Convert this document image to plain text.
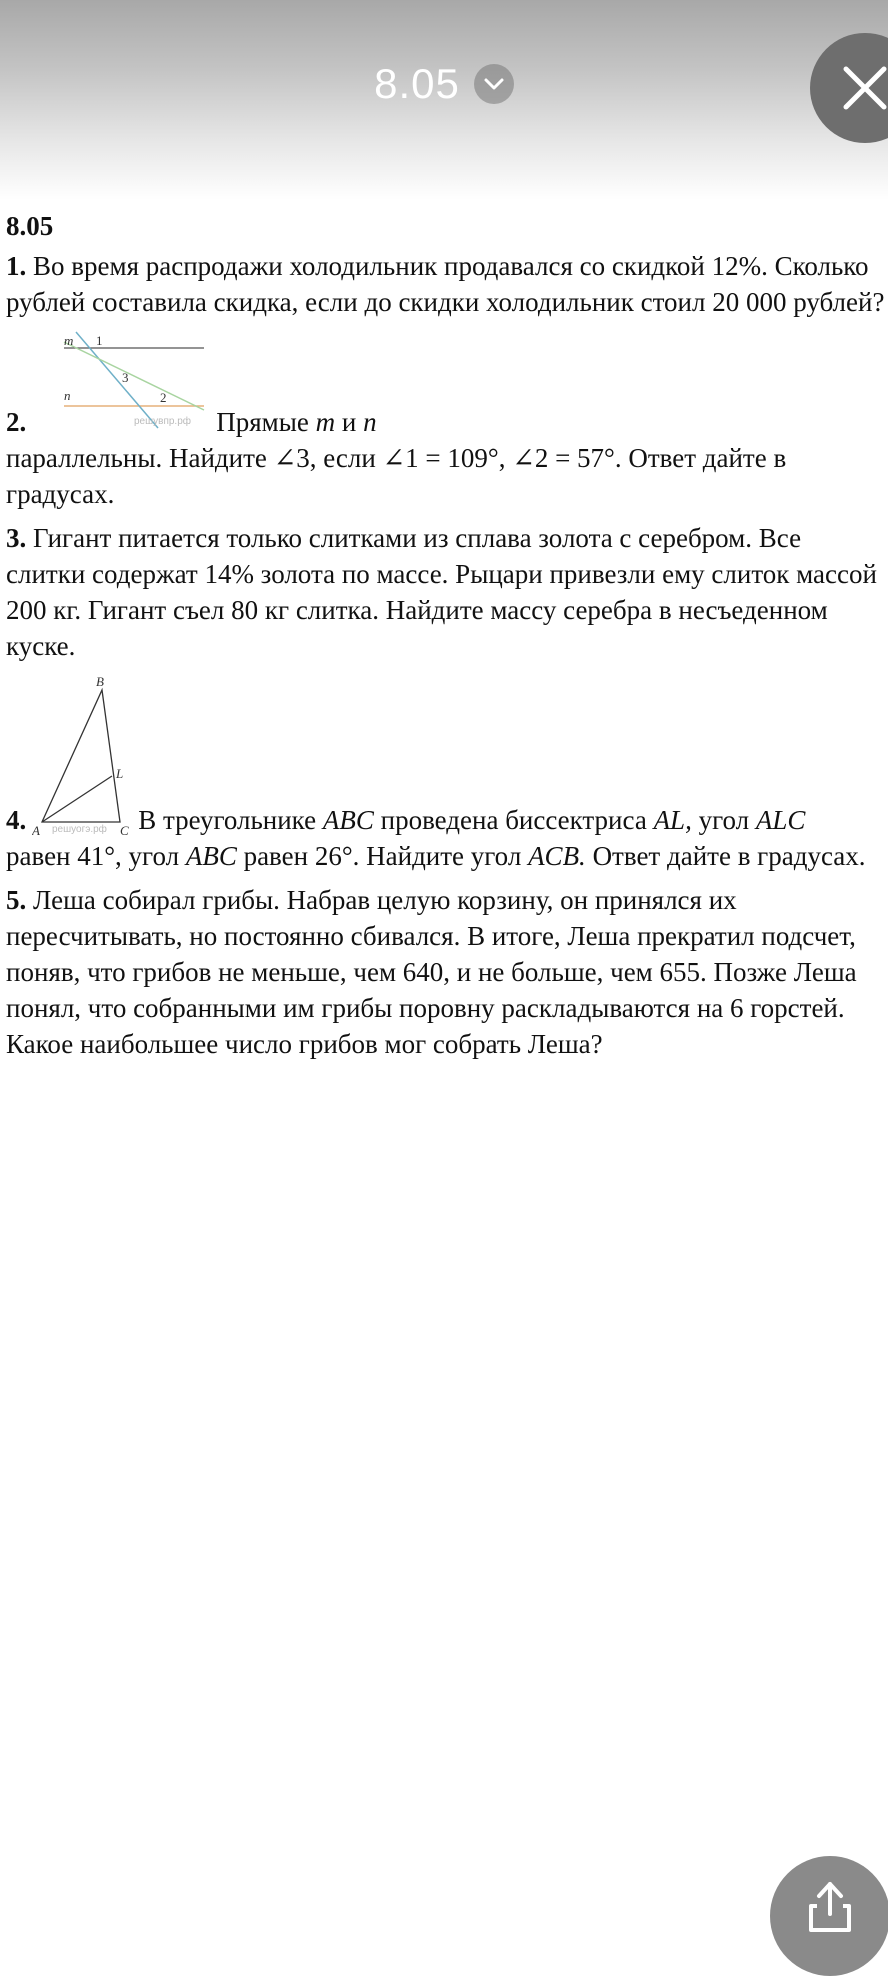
8.05
8.05

1. Во время распродажи холодильник продавался со скидкой 12%. Сколько рублей составила скидка, если до скидки холодильник стоил 20 000 рублей?

2.
m 1
3
n	2
решувпр.рф Прямые m и n

параллельны. Найдите ∠3, если ∠1 = 109°, ∠2 = 57°. Ответ дайте в градусах.

3. Гигант питается только слитками из сплава золота с серебром. Все слитки содержат 14% золота по массе. Рыцари привезли ему слиток массой 200 кг. Гигант съел 80 кг слитка. Найдите массу серебра в несъеденном куске.

4.
B
L
A	C
решуогэ.рф В треугольнике ABC проведена биссектриса AL, угол ALC

равен 41°, угол ABC равен 26°. Найдите угол ACB. Ответ дайте в градусах.

5. Леша собирал грибы. Набрав целую корзину, он принялся их пересчитывать, но постоянно сбивался. В итоге, Леша прекратил подсчет, поняв, что грибов не меньше, чем 640, и не больше, чем 655. Позже Леша понял, что собранными им грибы поровну раскладываются на 6 горстей. Какое наибольшее число грибов мог собрать Леша?
